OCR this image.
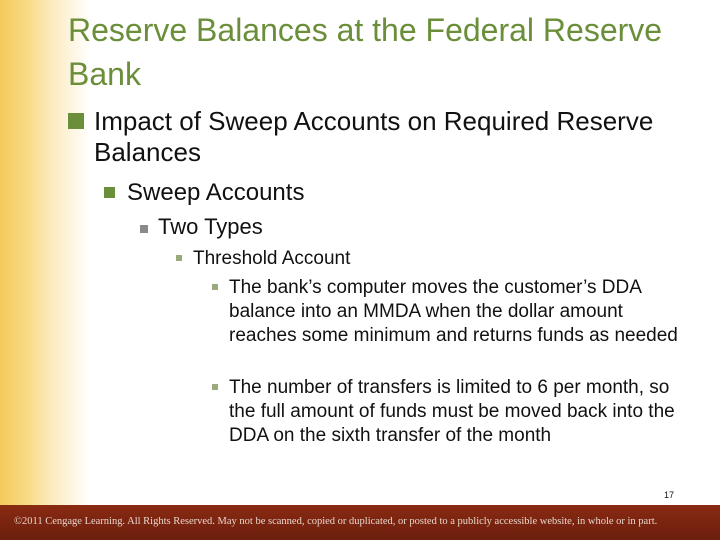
Reserve Balances at the Federal Reserve Bank
Impact of Sweep Accounts on Required Reserve Balances
Sweep Accounts
Two Types
Threshold Account
The bank’s computer moves the customer’s DDA balance into an MMDA when the dollar amount reaches some minimum and returns funds as needed
The number of transfers is limited to 6 per month, so the full amount of funds must be moved back into the DDA on the sixth transfer of the month
17
©2011 Cengage Learning. All Rights Reserved. May not be scanned, copied or duplicated, or posted to a publicly accessible website, in whole or in part.
